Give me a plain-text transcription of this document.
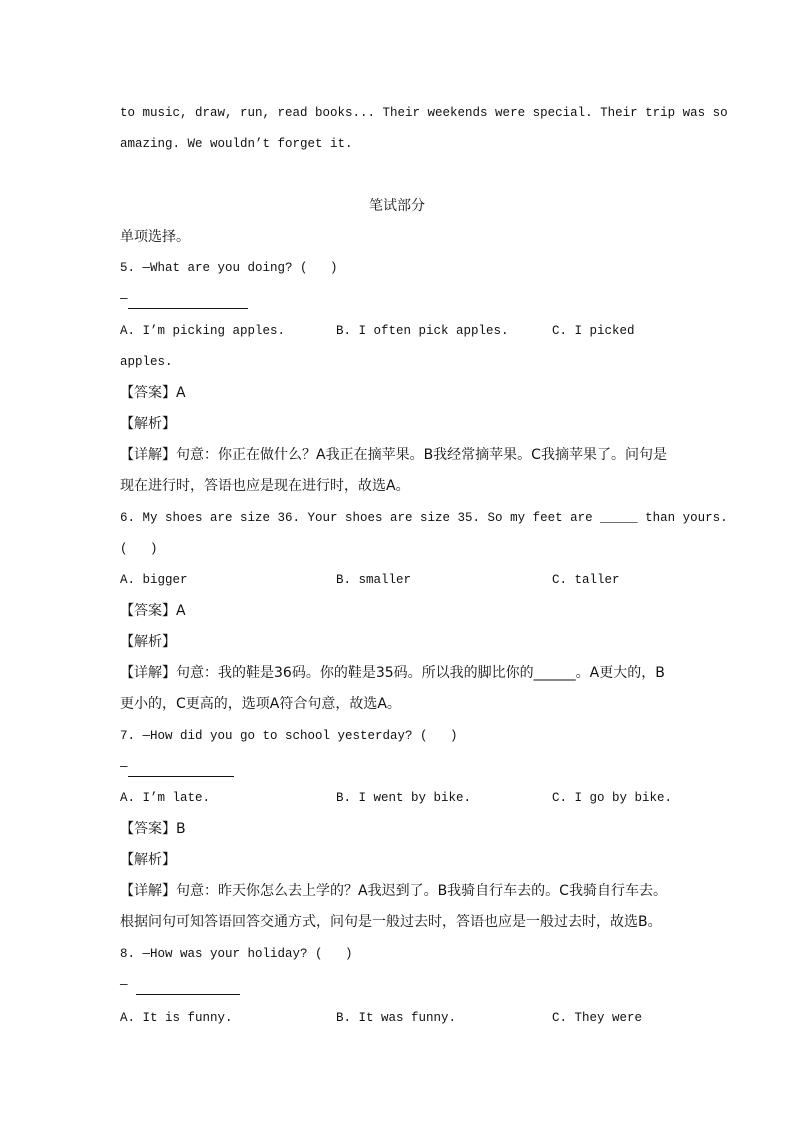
to music, draw, run, read books... Their weekends were special. Their trip was so
amazing. We wouldn’t forget it.
笔试部分
单项选择。
5. —What are you doing? (   )
—
A. I’m picking apples.	B. I often pick apples.	C. I picked
apples.
【答案】A
【解析】
【详解】句意：你正在做什么？A我正在摘苹果。B我经常摘苹果。C我摘苹果了。问句是
现在进行时，答语也应是现在进行时，故选A。
6. My shoes are size 36. Your shoes are size 35. So my feet are _____ than yours.
(   )
A. bigger	B. smaller	C. taller
【答案】A
【解析】
【详解】句意：我的鞋是36码。你的鞋是35码。所以我的脚比你的______。A更大的，B
更小的，C更高的，选项A符合句意，故选A。
7. —How did you go to school yesterday? (   )
—
A. I’m late.	B. I went by bike.	C. I go by bike.
【答案】B
【解析】
【详解】句意：昨天你怎么去上学的？A我迟到了。B我骑自行车去的。C我骑自行车去。
根据问句可知答语回答交通方式，问句是一般过去时，答语也应是一般过去时，故选B。
8. —How was your holiday? (   )
—
A. It is funny.	B. It was funny.	C. They were
